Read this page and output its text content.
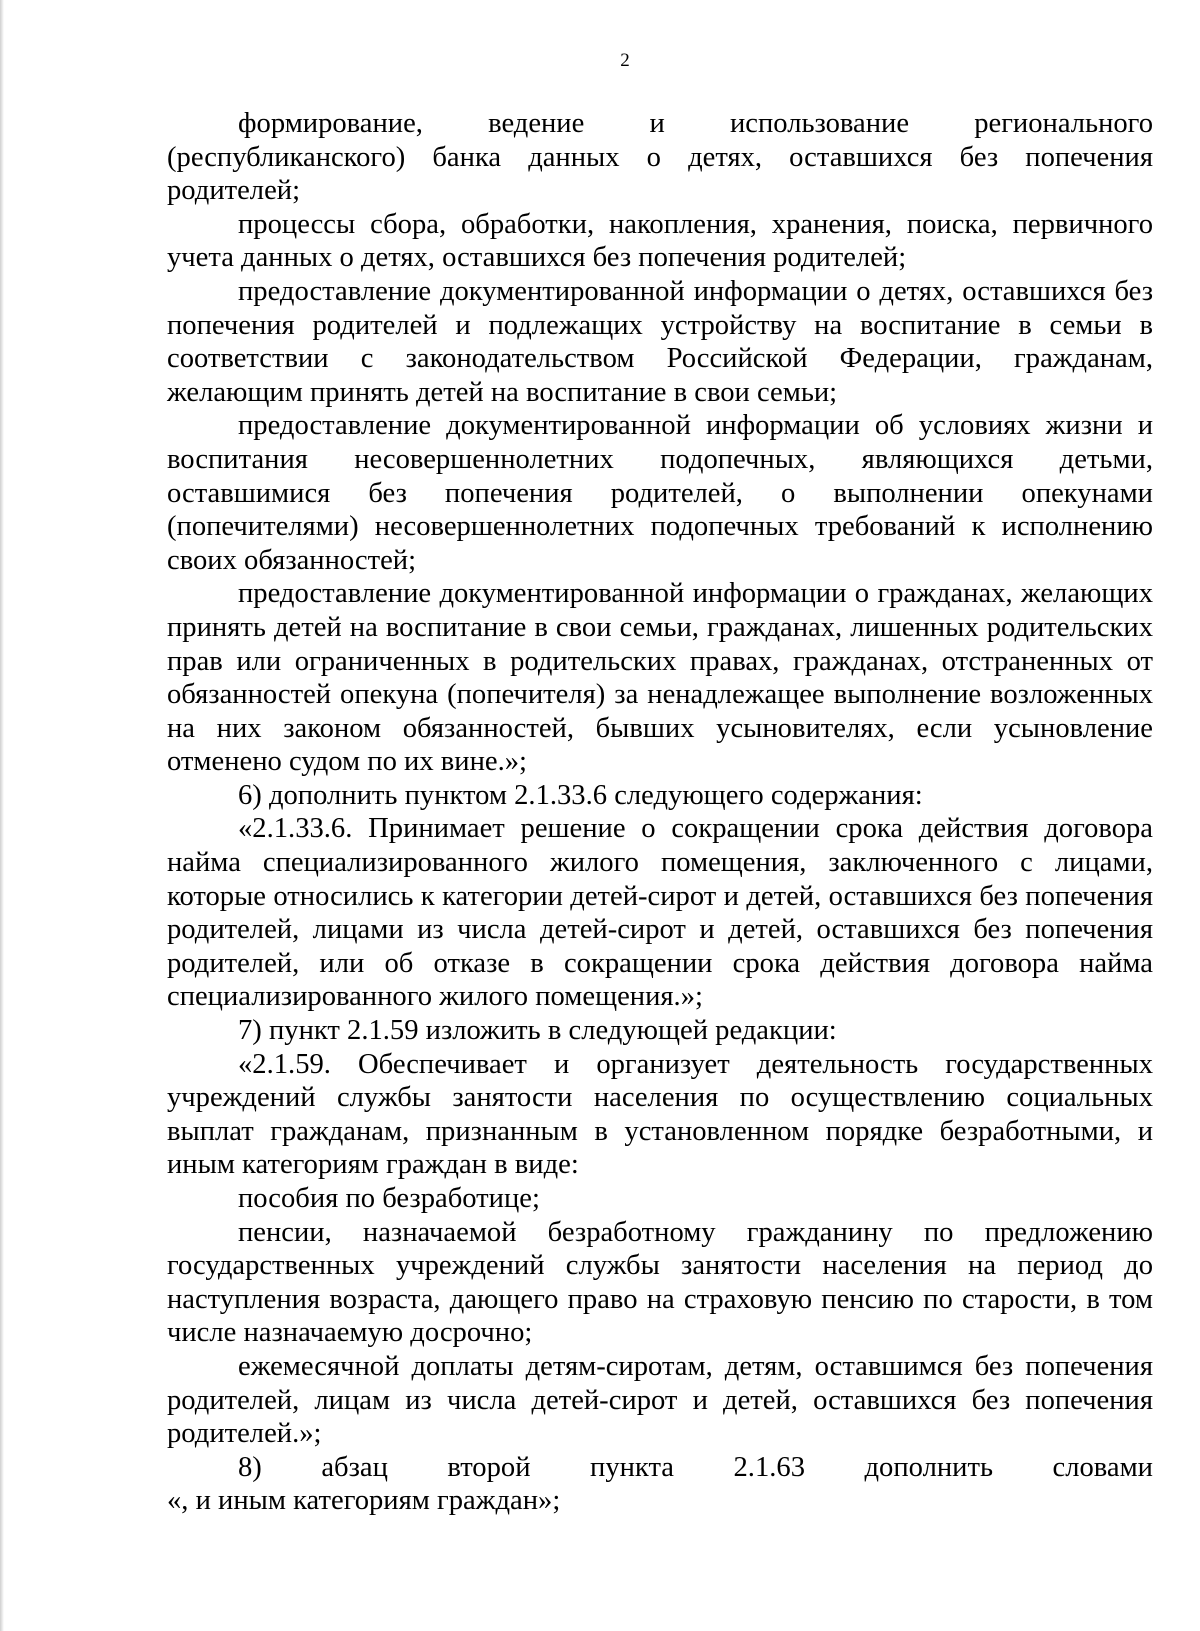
2

формирование, ведение и использование регионального (республиканского) банка данных о детях, оставшихся без попечения родителей;

процессы сбора, обработки, накопления, хранения, поиска, первичного учета данных о детях, оставшихся без попечения родителей;

предоставление документированной информации о детях, оставшихся без попечения родителей и подлежащих устройству на воспитание в семьи в соответствии с законодательством Российской Федерации, гражданам, желающим принять детей на воспитание в свои семьи;

предоставление документированной информации об условиях жизни и воспитания несовершеннолетних подопечных, являющихся детьми, оставшимися без попечения родителей, о выполнении опекунами (попечителями) несовершеннолетних подопечных требований к исполнению своих обязанностей;

предоставление документированной информации о гражданах, желающих принять детей на воспитание в свои семьи, гражданах, лишенных родительских прав или ограниченных в родительских правах, гражданах, отстраненных от обязанностей опекуна (попечителя) за ненадлежащее выполнение возложенных на них законом обязанностей, бывших усыновителях, если усыновление отменено судом по их вине.»;

6) дополнить пунктом 2.1.33.6 следующего содержания:

«2.1.33.6. Принимает решение о сокращении срока действия договора найма специализированного жилого помещения, заключенного с лицами, которые относились к категории детей-сирот и детей, оставшихся без попечения родителей, лицами из числа детей-сирот и детей, оставшихся без попечения родителей, или об отказе в сокращении срока действия договора найма специализированного жилого помещения.»;

7) пункт 2.1.59 изложить в следующей редакции:

«2.1.59. Обеспечивает и организует деятельность государственных учреждений службы занятости населения по осуществлению социальных выплат гражданам, признанным в установленном порядке безработными, и иным категориям граждан в виде:

пособия по безработице;

пенсии, назначаемой безработному гражданину по предложению государственных учреждений службы занятости населения на период до наступления возраста, дающего право на страховую пенсию по старости, в том числе назначаемую досрочно;

ежемесячной доплаты детям-сиротам, детям, оставшимся без попечения родителей, лицам из числа детей-сирот и детей, оставшихся без попечения родителей.»;

8) абзац второй пункта 2.1.63 дополнить словами

«, и иным категориям граждан»;
